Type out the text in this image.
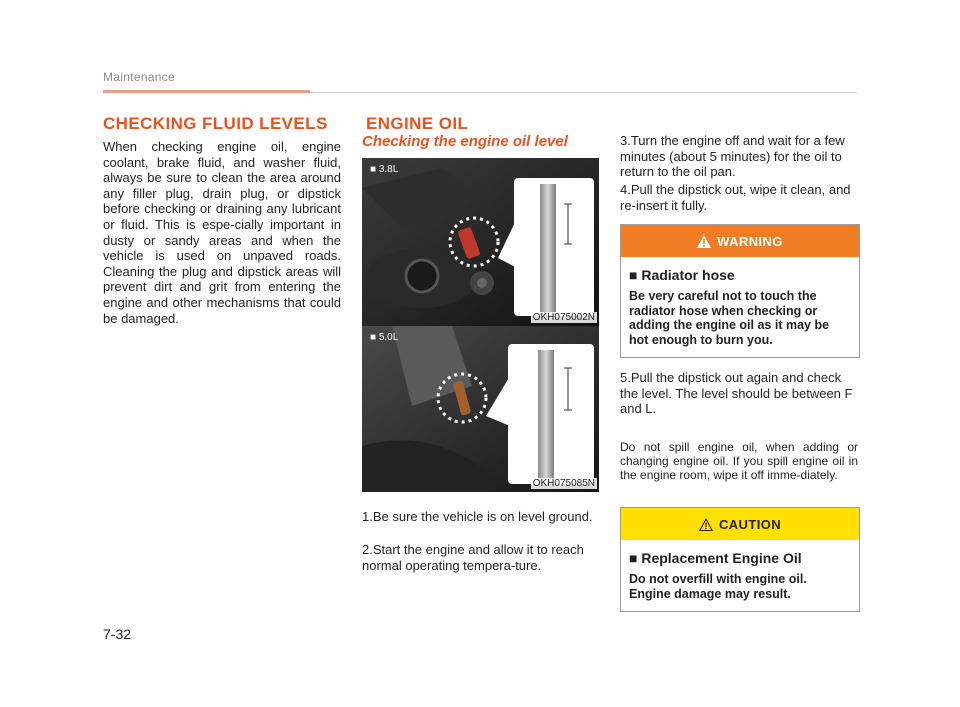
Maintenance
CHECKING FLUID LEVELS
When checking engine oil, engine coolant, brake fluid, and washer fluid, always be sure to clean the area around any filler plug, drain plug, or dipstick before checking or draining any lubricant or fluid. This is espe-cially important in dusty or sandy areas and when the vehicle is used on unpaved roads. Cleaning the plug and dipstick areas will prevent dirt and grit from entering the engine and other mechanisms that could be damaged.
ENGINE OIL
Checking the engine oil level
■ 3.8L
OKH075002N
■ 5.0L
OKH075085N
1.Be sure the vehicle is on level ground.
2.Start the engine and allow it to reach normal operating tempera-ture.
3.Turn the engine off and wait for a few minutes (about 5 minutes) for the oil to return to the oil pan.
4.Pull the dipstick out, wipe it clean, and re-insert it fully.
WARNING
■ Radiator hose
Be very careful not to touch the radiator hose when checking or adding the engine oil as it may be hot enough to burn you.
5.Pull the dipstick out again and check the level. The level should be between F and L.
Do not spill engine oil, when adding or changing engine oil. If you spill engine oil in the engine room, wipe it off imme-diately.
CAUTION
■ Replacement Engine Oil
Do not overfill with engine oil. Engine damage may result.
7-32
